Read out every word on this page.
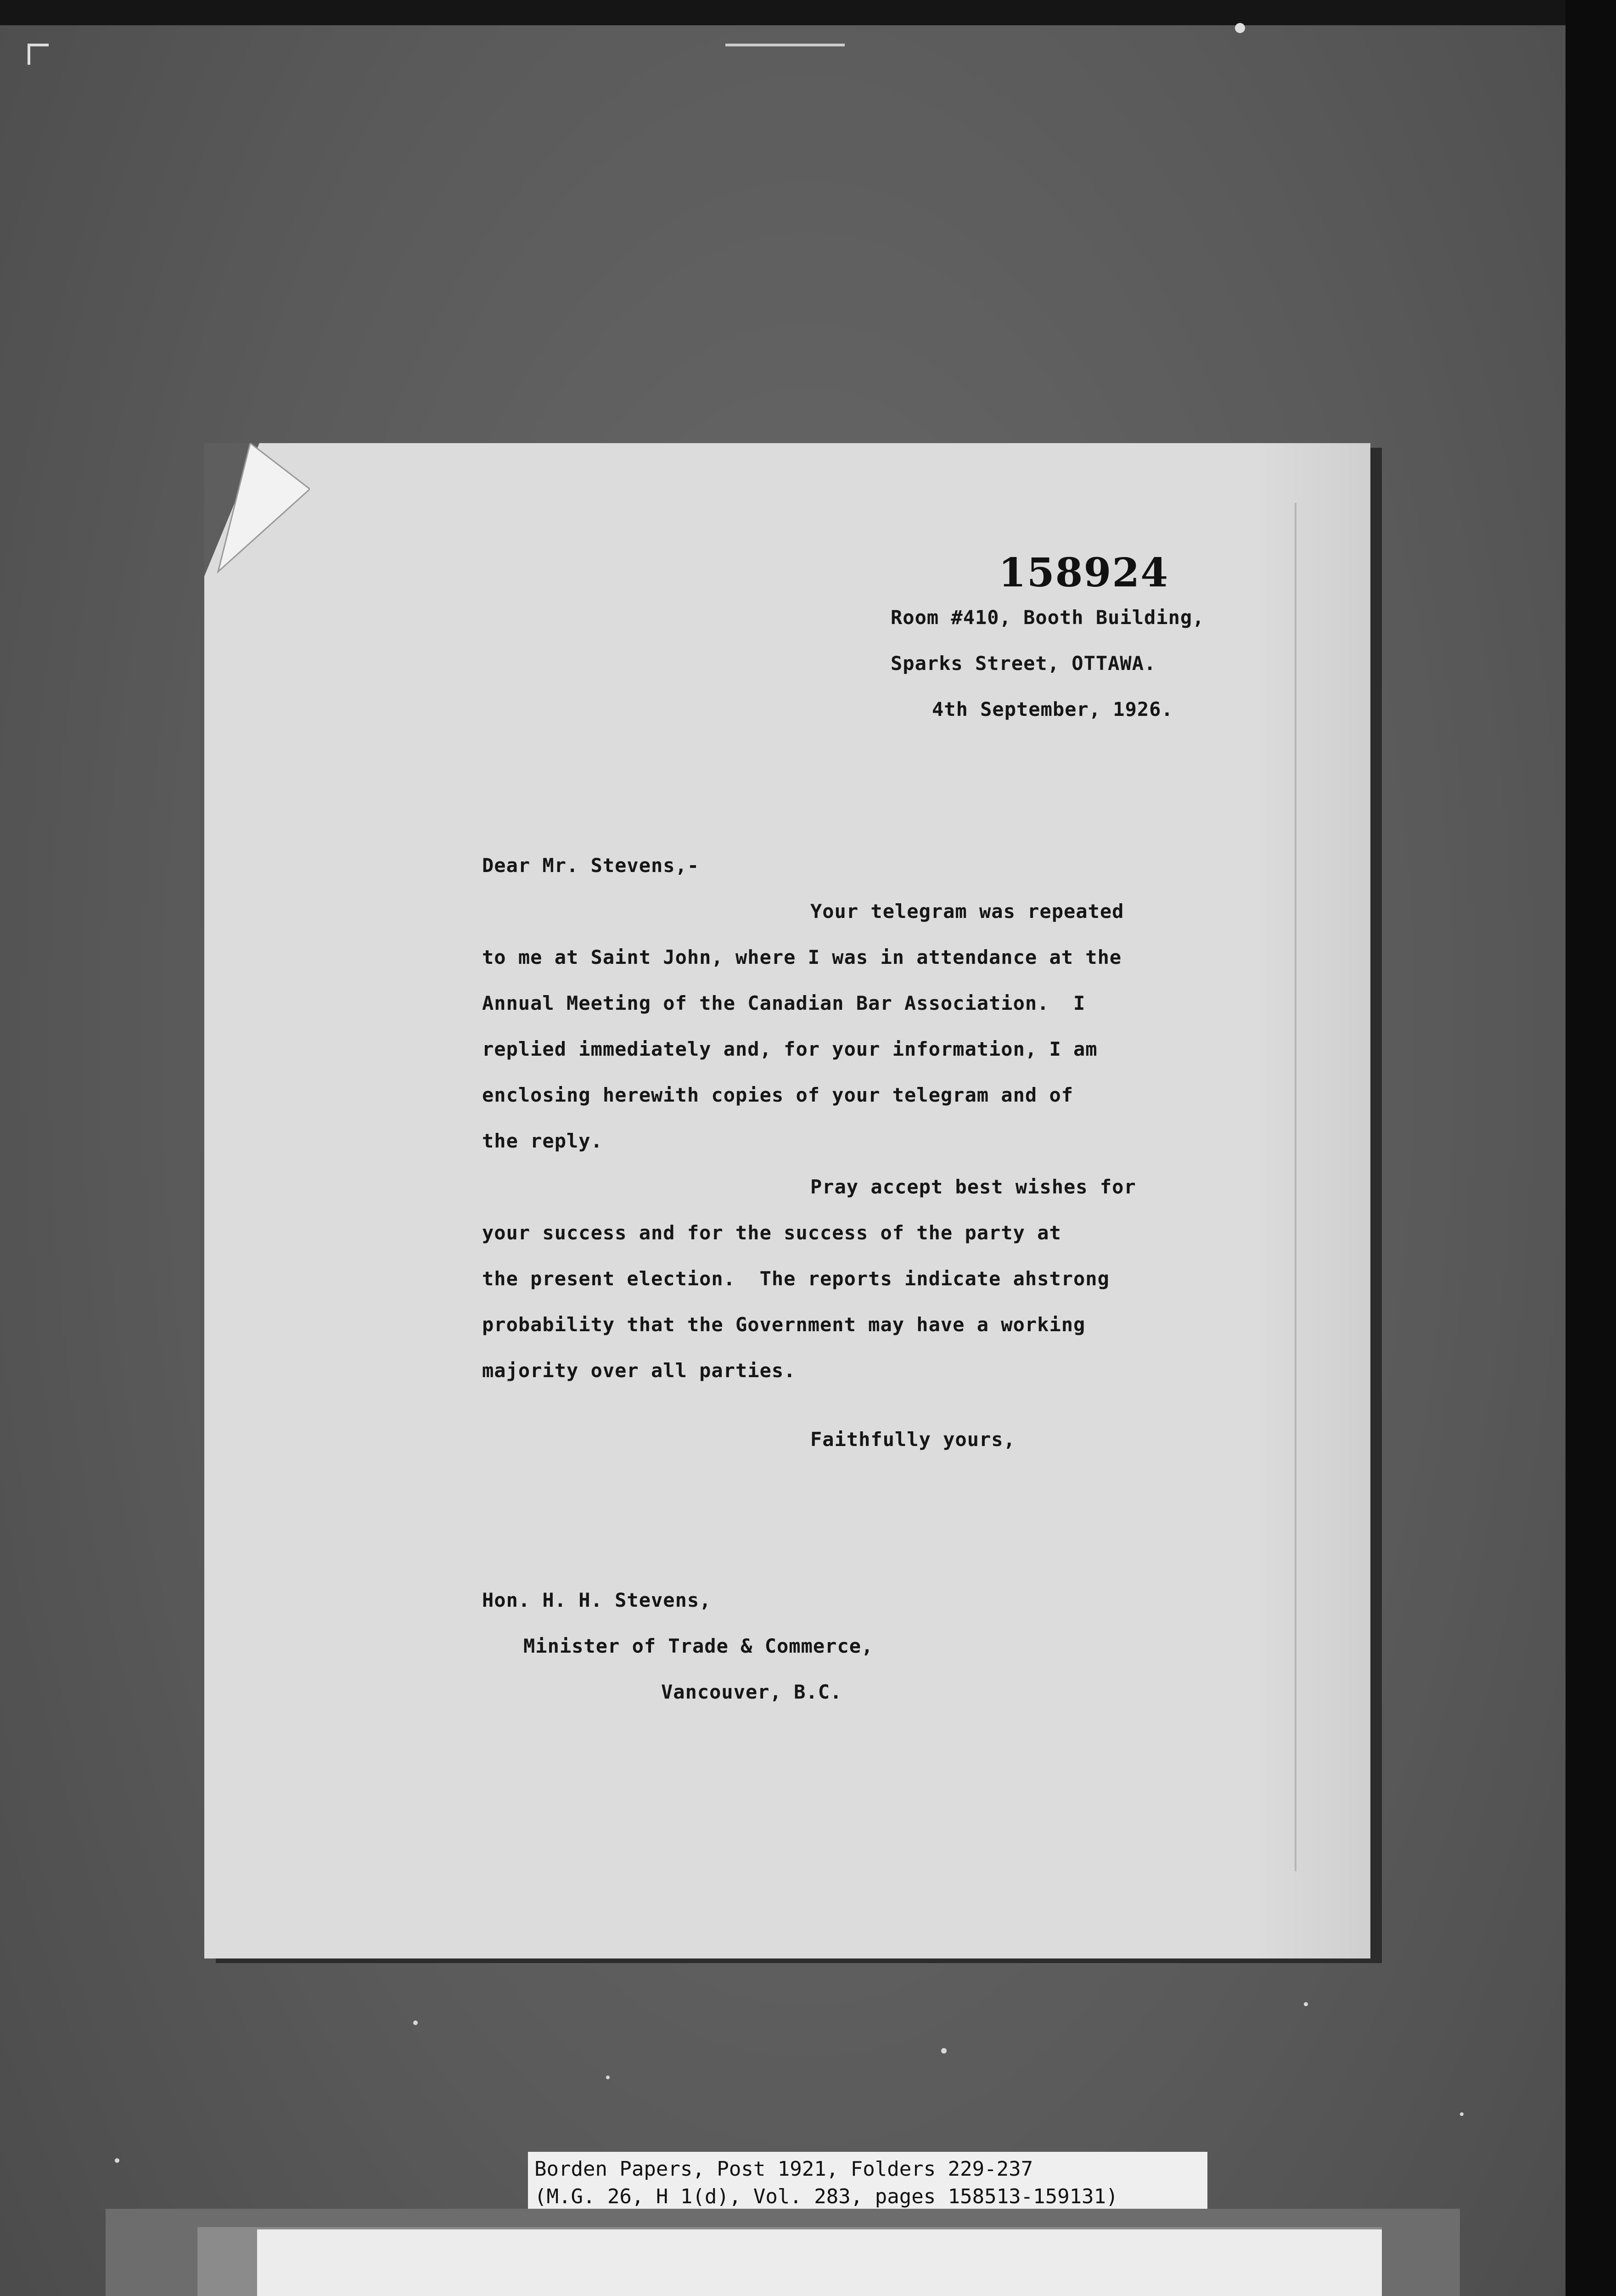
158924
Room #410, Booth Building,
Sparks Street, OTTAWA.
4th September, 1926.
Dear Mr. Stevens,-
Your telegram was repeated
to me at Saint John, where I was in attendance at the
Annual Meeting of the Canadian Bar Association.  I
replied immediately and, for your information, I am
enclosing herewith copies of your telegram and of
the reply.
Pray accept best wishes for
your success and for the success of the party at
the present election.  The reports indicate ahstrong
probability that the Government may have a working
majority over all parties.
Faithfully yours,
Hon. H. H. Stevens,
Minister of Trade & Commerce,
Vancouver, B.C.
Borden Papers, Post 1921, Folders 229-237
(M.G. 26, H 1(d), Vol. 283, pages 158513-159131)
